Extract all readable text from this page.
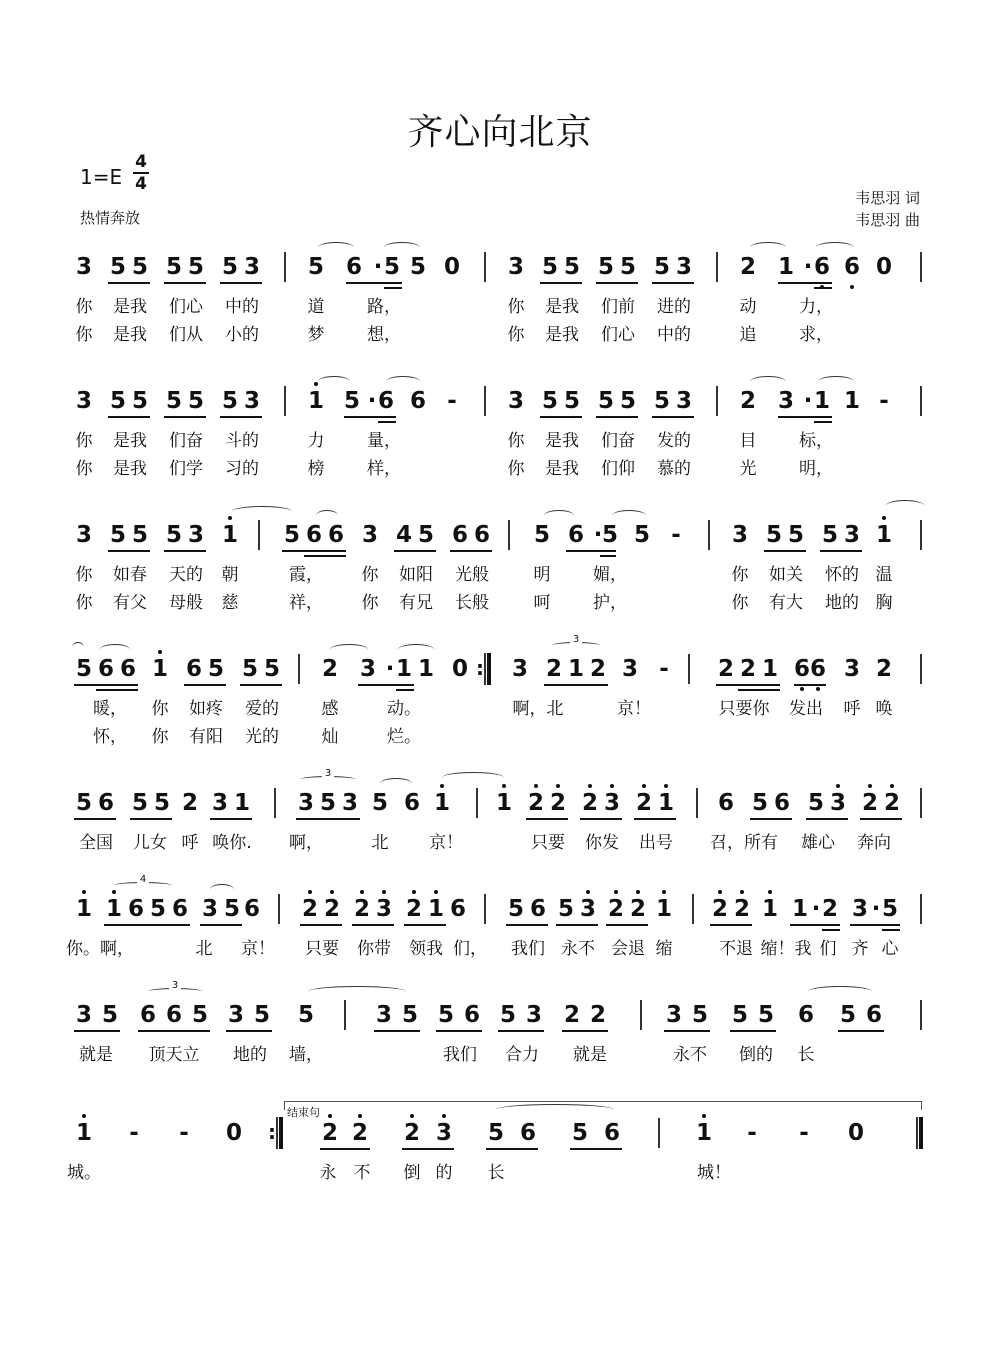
齐心向北京
1=E
4
4
热情奔放
韦思羽 词
韦思羽 曲
3 5 5 5 5 5 3 5 6 · 5 5 0 3 5 5 5 5 5 3 2 1 · 6 6 0
你 是我 们心 中的	道	路，	你 是我 们前 进的	动	力，
你 是我 们从 小的	梦	想，	你 是我 们心 中的	追	求，
3 5 5 5 5 5 3 1 5 · 6 6 - 3 5 5 5 5 5 3 2 3 · 1 1 -
你 是我 们奋 斗的	力	量，	你 是我 们奋 发的	目	标，
你 是我 们学 习的	榜	样，	你 是我 们仰 慕的	光	明，
3 5 5 5 3 1 5 6 6 3 4 5 6 6 5 6 · 5 5 - 3 5 5 5 3 1
你 如春 天的 朝	霞， 你 如阳 光般	明	媚，	你 如关 怀的 温
你 有父 母般 慈	祥， 你 有兄 长般	呵	护，	你 有大 地的 胸
5 6 6 1 6 5 5 5 2 3 · 1 1 0 3 2 1 2 3 - 2 2 1 6 6 3 2
:
3
暖， 你 如疼 爱的	感	动。	啊，北	京！	只要你 发出 呼 唤
怀， 你 有阳 光的	灿	烂。
5 6 5 5 2 3 1 3 5 3 5 6 1 1 2 2 2 3 2 1 6 5 6 5 3 2 2
3
全国 儿女 呼 唤你. 啊，	北 京！	只要 你发 出号 召，所有 雄心 奔向
1 1 6 5 6 3 5 6 2 2 2 3 2 1 6 5 6 5 3 2 2 1 2 2 1 1 · 2 3 · 5
4
你。啊，	北 京！ 只要 你带 领我 们， 我们 永不 会退 缩	不退 缩！我 们 齐 心
3 5 6 6 5 3 5 5	3 5 5 6 5 3 2 2	3 5 5 5 6 5 6
3
就是 顶天立 地的 墙，	我们 合力 就是	永不 倒的 长
1 - - 0	2 2 2 3 5 6 5 6	1 - - 0
:
结束句
城。	永 不 倒 的 长	城！
